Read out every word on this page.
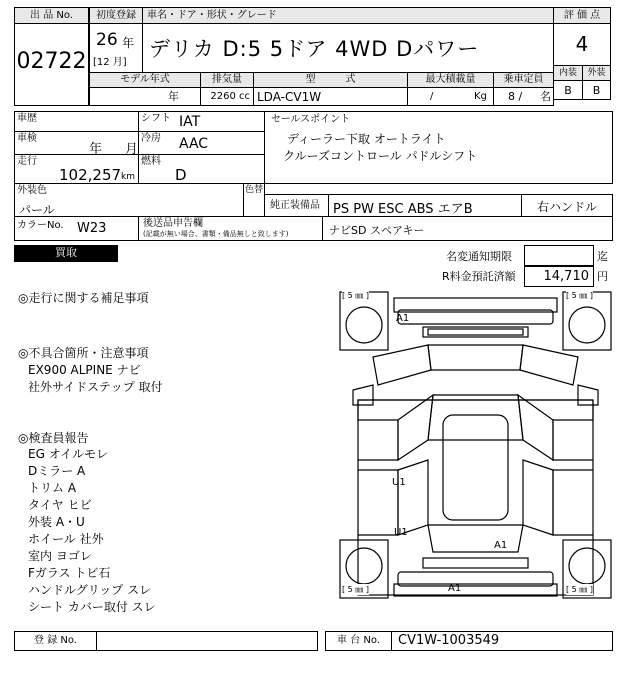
出 品 No.
02722
初度登録
26 年
[12 月]
車名・ドア・形状・グレード
デリカ D:5 5ドア 4WD Dパワー
評 価 点
4
内装	外装
B	B
モデル年式
年
排気量
2260 cc
型　　　式
LDA-CV1W
最大積載量
/	Kg
乗車定員
8 / 名
車歴	シフト IAT
車検
年 月
冷房 AAC
走行
102,257 km
燃料
D
セールスポイント
ディーラー下取 オートライト
クルーズコントロール パドルシフト
外装色
パール
色替
純正装備品 PS PW ESC ABS エアB	右ハンドル
カラーNo. W23	後送品申告欄
(記載が無い場合、書類・備品無しと致します)	ナビSD スペアキー
買取	名変通知期限	迄
R料金預託済額	14,710 円
◎走行に関する補足事項
◎不具合箇所・注意事項
EX900 ALPINE ナビ
社外サイドステップ 取付
◎検査員報告
EG オイルモレ
Dミラー A
トリム A
タイヤ ヒビ
外装 A・U
ホイール 社外
室内 ヨゴレ
Fガラス トビ石
ハンドルグリップ スレ
シート カバー取付 スレ
[ 5 ㎜ ]	[ 5 ㎜ ]
[ 5 ㎜ ]	[ 5 ㎜ ]
A1
U1
U1
A1
A1
登 録 No.	車 台 No.	CV1W-1003549
